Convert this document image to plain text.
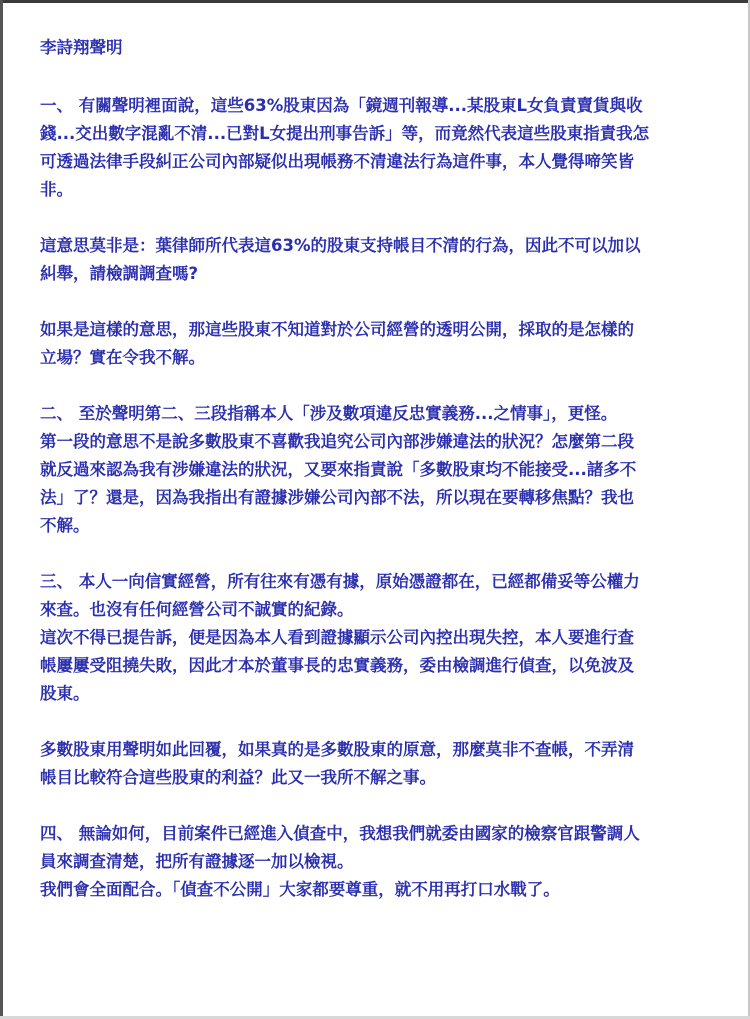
李詩翔聲明
一、 有關聲明裡面說，這些63%股東因為「鏡週刊報導...某股東L女負責賣貨與收
錢...交出數字混亂不清...已對L女提出刑事告訴」等，而竟然代表這些股東指責我怎
可透過法律手段糾正公司內部疑似出現帳務不清違法行為這件事，本人覺得啼笑皆
非。
這意思莫非是：葉律師所代表這63%的股東支持帳目不清的行為，因此不可以加以
糾舉，請檢調調查嗎?
如果是這樣的意思，那這些股東不知道對於公司經營的透明公開，採取的是怎樣的
立場？實在令我不解。
二、 至於聲明第二、三段指稱本人「涉及數項違反忠實義務...之情事」，更怪。
第一段的意思不是說多數股東不喜歡我追究公司內部涉嫌違法的狀況？怎麼第二段
就反過來認為我有涉嫌違法的狀況，又要來指責說「多數股東均不能接受...諸多不
法」了？還是，因為我指出有證據涉嫌公司內部不法，所以現在要轉移焦點？我也
不解。
三、 本人一向信實經營，所有往來有憑有據，原始憑證都在，已經都備妥等公權力
來查。也沒有任何經營公司不誠實的紀錄。
這次不得已提告訴，便是因為本人看到證據顯示公司內控出現失控，本人要進行查
帳屢屢受阻撓失敗，因此才本於董事長的忠實義務，委由檢調進行偵查，以免波及
股東。
多數股東用聲明如此回覆，如果真的是多數股東的原意，那麼莫非不查帳，不弄清
帳目比較符合這些股東的利益？此又一我所不解之事。
四、 無論如何，目前案件已經進入偵查中，我想我們就委由國家的檢察官跟警調人
員來調查清楚，把所有證據逐一加以檢視。
我們會全面配合。「偵查不公開」大家都要尊重，就不用再打口水戰了。
